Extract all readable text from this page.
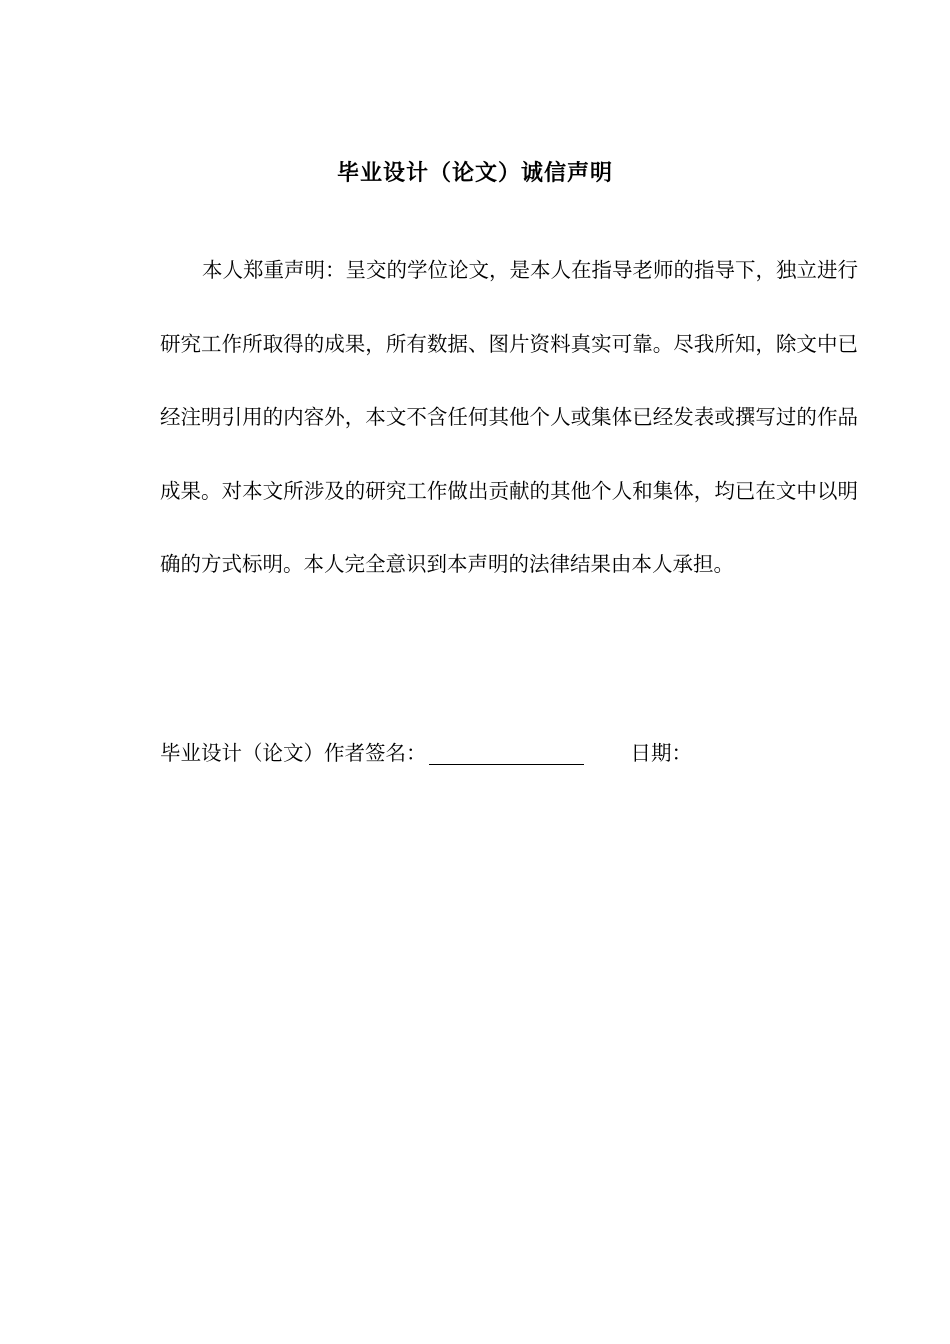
毕业设计（论文）诚信声明

本人郑重声明：呈交的学位论文，是本人在指导老师的指导下，独立进行研究工作所取得的成果，所有数据、图片资料真实可靠。尽我所知，除文中已经注明引用的内容外，本文不含任何其他个人或集体已经发表或撰写过的作品成果。对本文所涉及的研究工作做出贡献的其他个人和集体，均已在文中以明确的方式标明。本人完全意识到本声明的法律结果由本人承担。

毕业设计（论文）作者签名：	日期：
